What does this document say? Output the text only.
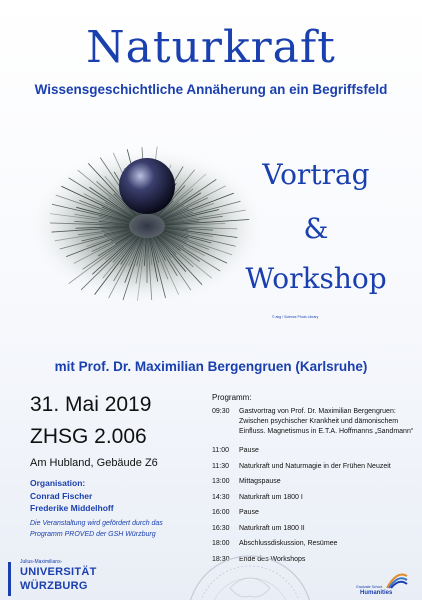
Naturkraft
Wissensgeschichtliche Annäherung an ein Begriffsfeld
Vortrag
&
Workshop
© akg / Science Photo Library
mit Prof. Dr. Maximilian Bergengruen (Karlsruhe)
31. Mai 2019
ZHSG 2.006
Am Hubland, Gebäude Z6
Organisation:
Conrad Fischer
Frederike Middelhoff
Die Veranstaltung wird gefördert durch das
Programm PROVED der GSH Würzburg
Programm:
09:30	Gastvortrag von Prof. Dr. Maximilian Bergengruen: Zwischen psychischer Krankheit und dämonischem Einfluss. Magnetismus in E.T.A. Hoffmanns „Sandmann“
11:00	Pause
11:30	Naturkraft und Naturmagie in der Frühen Neuzeit
13:00	Mittagspause
14:30	Naturkraft um 1800 I
16:00	Pause
16:30	Naturkraft um 1800 II
18:00	Abschlussdiskussion, Resümee
18:30	Ende des Workshops
Julius-Maximilians-
UNIVERSITÄT
WÜRZBURG	Graduate School
Humanities
